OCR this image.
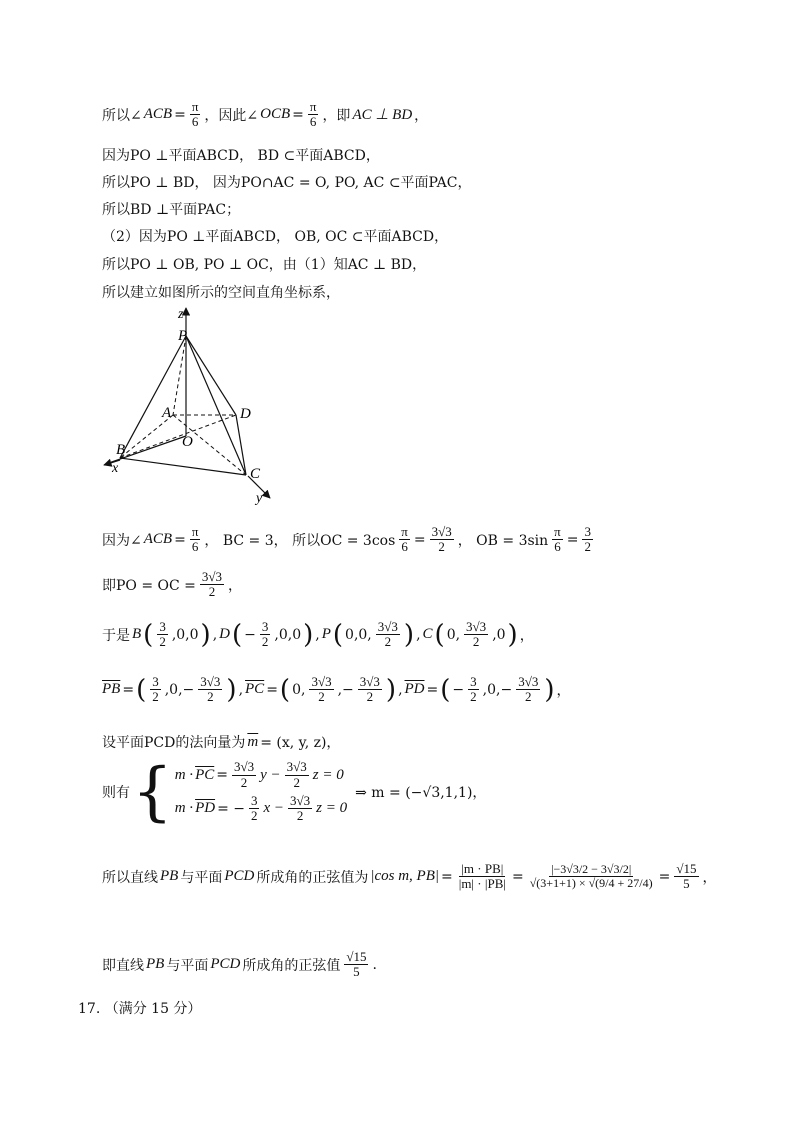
所以∠ ACB = $\frac{\pi}{6}$ ，因此∠ OCB = $\frac{\pi}{6}$ ，即 AC ⊥ BD ，
因为PO ⊥平面ABCD， BD ⊂平面ABCD，
所以PO ⊥ BD， 因为PO∩AC = O, PO, AC ⊂平面PAC，
所以BD ⊥平面PAC；
（2）因为PO ⊥平面ABCD， OB, OC ⊂平面ABCD，
所以PO ⊥ OB, PO ⊥ OC，由（1）知AC ⊥ BD，
所以建立如图所示的空间直角坐标系，
z
P
A	D
O
B
x	C
y
因为∠ ACB = $\frac{\pi}{6}$ ， BC = 3， 所以OC = $3\cos \frac{\pi}{6} = \frac{3√3}{2}$ ， OB = $3\sin \frac{\pi}{6} = \frac{3}{2}$
即PO = OC = $\frac{3√3}{2}$ ，
于是 B ( $\frac{3}{2} ,0,0$ ) , D ( − $\frac{3}{2} ,0,0$ ) , P ( 0,0, $\frac{3√3}{2}$ ) , C ( 0, $\frac{3√3}{2} ,0$ ) ，
$\overline{PB}$ = ( $\frac{3}{2} ,0,- \frac{3√3}{2}$ ) , $\overline{PC}$ = ( 0, $\frac{3√3}{2}$ ,− $\frac{3√3}{2}$ ) , $\overline{PD}$ = ( − $\frac{3}{2} ,0,- \frac{3√3}{2}$ ) ，
设平面PCD的法向量为 $\overline{m} = (x$, y, z)，
则有 { $m \cdot \overline{PC} = \frac{3√3}{2}$ $y - \frac{3√3}{2}$ z = 0
$m \cdot \overline{PD}$ = − $\frac{3}{2}$ $x - \frac{3√3}{2}$ z = 0
⇒ m = (−√3,1,1)，
所以直线 PB 与平面 PCD 所成角的正弦值为 |cos m, $PB| = \frac{|m \cdot PB|}{|m| \cdot |PB|} = \frac{|-3√3/2 - 3√3/2|}{√(3+1+1) \times √(9/4 + 27/4)} = \frac{√15}{5}$ ，
即直线 PB 与平面 PCD 所成角的正弦值 $\frac{√15}{5}$ .
17. （满分 15 分）
